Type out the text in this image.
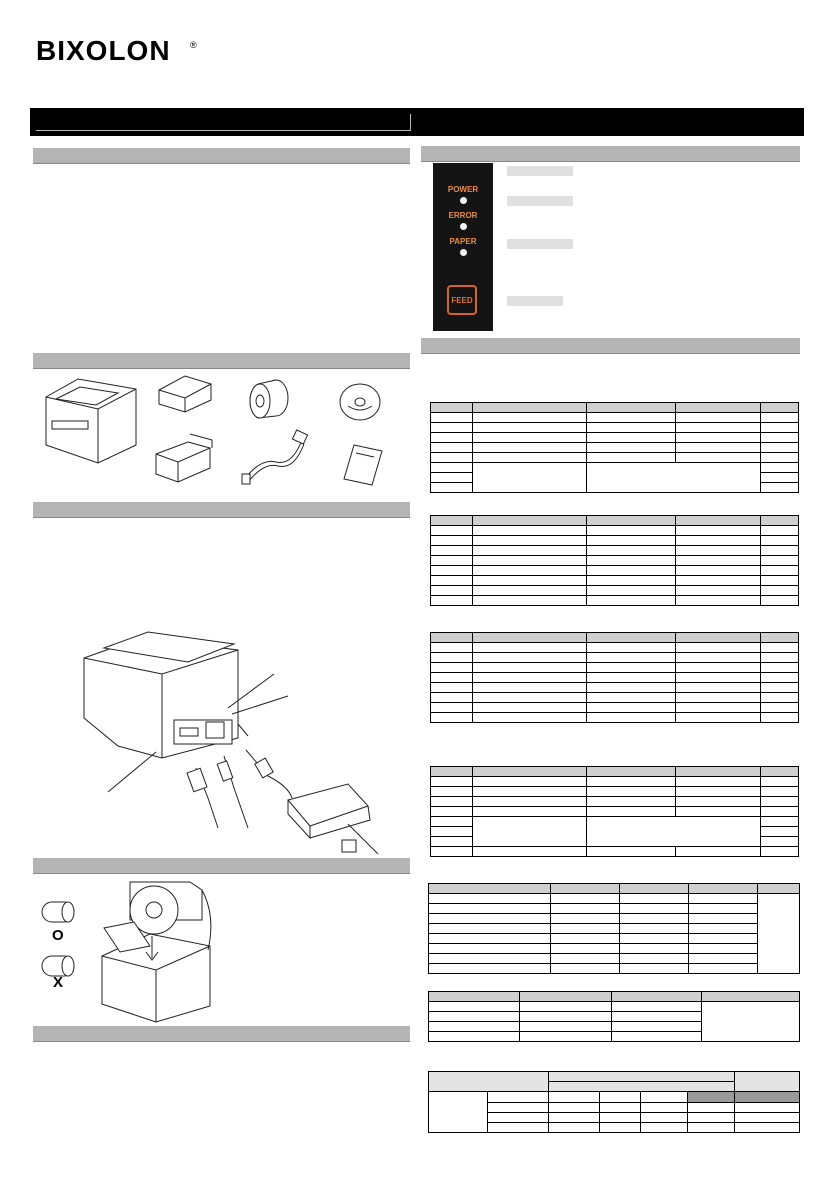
BIXOLON ®
POWER
ERROR
PAPER
FEED
O
X
